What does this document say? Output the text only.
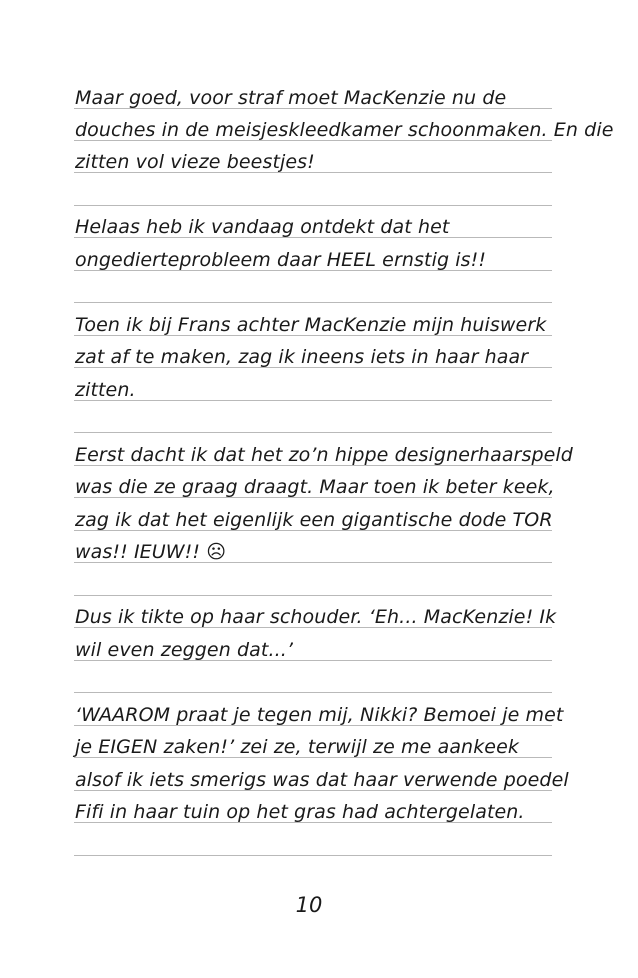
Maar goed, voor straf moet MacKenzie nu de
douches in de meisjeskleedkamer schoonmaken. En die
zitten vol vieze beestjes!
Helaas heb ik vandaag ontdekt dat het
ongedierteprobleem daar HEEL ernstig is!!
Toen ik bij Frans achter MacKenzie mijn huiswerk
zat af te maken, zag ik ineens iets in haar haar
zitten.
Eerst dacht ik dat het zo’n hippe designerhaarspeld
was die ze graag draagt. Maar toen ik beter keek,
zag ik dat het eigenlijk een gigantische dode TOR
was!! IEUW!! ☹
Dus ik tikte op haar schouder. ‘Eh... MacKenzie! Ik
wil even zeggen dat...’
‘WAAROM praat je tegen mij, Nikki? Bemoei je met
je EIGEN zaken!’ zei ze, terwijl ze me aankeek
alsof ik iets smerigs was dat haar verwende poedel
Fifi in haar tuin op het gras had achtergelaten.
10
